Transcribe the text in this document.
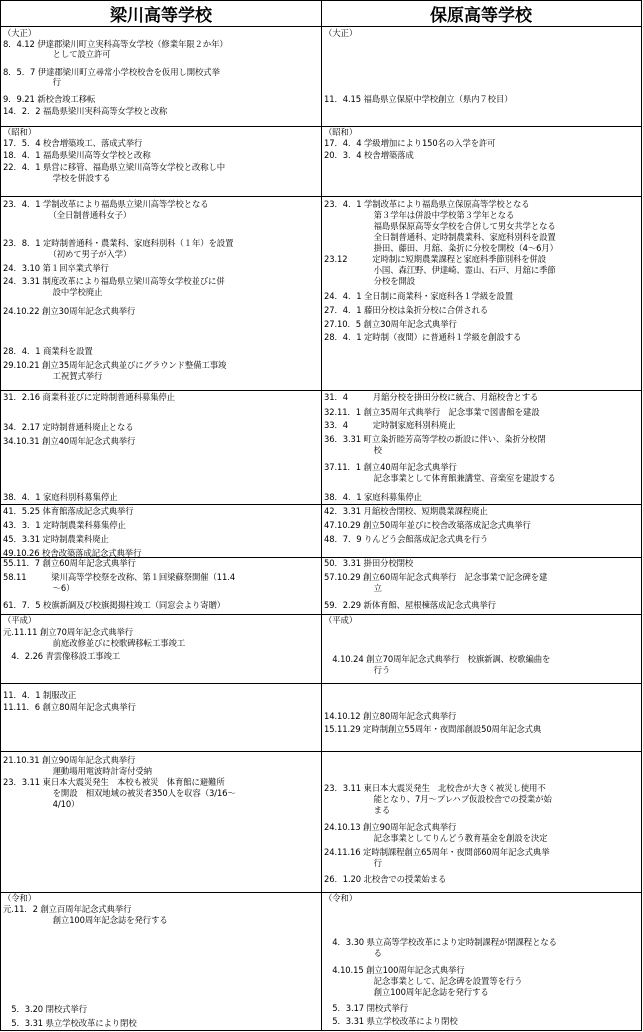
梁川高等学校	保原高等学校
（大正）
8．4.12 伊達郡梁川町立実科高等女学校（修業年限２か年）
　　　　　　として設立許可
8．5．7 伊達郡梁川町立尋常小学校校舎を仮用し開校式挙
　　　　　　行
9．9.21 新校舎竣工移転
14．2．2 福島県梁川実科高等女学校と改称
（大正）
11．4.15 福島県立保原中学校創立（県内７校目）
（昭和）
17．5．4 校舎増築竣工、落成式挙行
18．4．1 福島県梁川高等女学校と改称
22．4．1 県営に移管、福島県立梁川高等女学校と改称し中
　　　　　　学校を併設する
（昭和）
17．4．4 学級増加により150名の入学を許可
20．3．4 校舎増築落成
23．4．1 学制改革により福島県立梁川高等学校となる
　　　　　　（全日制普通科女子）
23．8．1 定時制普通科・農業科、家庭科別科（１年）を設置
　　　　　　（初めて男子が入学）
24．3.10 第１回卒業式挙行
24．3.31 制度改革により福島県立梁川高等女学校並びに併
　　　　　　設中学校廃止
24.10.22 創立30周年記念式典挙行
28．4．1 商業科を設置
29.10.21 創立35周年記念式典並びにグラウンド整備工事竣
　　　　　　工祝賀式挙行
23．4．1 学制改革により福島県立保原高等学校となる
　　　　　　第３学年は併設中学校第３学年となる
　　　　　　福島県保原高等女学校を合併して男女共学となる
　　　　　　全日制普通科、定時制農業科、家庭科別科を設置
　　　　　　掛田、藤田、月舘、粂折に分校を開校（4～6月）
23.12　　　定時制に短期農業課程と家庭科季節別科を併設
　　　　　　小国、森江野、伊達崎、霊山、石戸、月舘に季節
　　　　　　分校を開設
24．4．1 全日制に商業科・家庭科各１学級を設置
27．4．1 藤田分校は粂折分校に合併される
27.10．5 創立30周年記念式典挙行
28．4．1 定時制（夜間）に普通科１学級を創設する
31．2.16 商業科並びに定時制普通科募集停止
34．2.17 定時制普通科廃止となる
34.10.31 創立40周年記念式典挙行
38．4．1 家庭科別科募集停止
31．4　　　月舘分校を掛田分校に統合、月舘校舎とする
32.11．1 創立35周年式典挙行　記念事業で図書館を建設
33．4　　　定時制家庭科別科廃止
36．3.31 町立粂折睦芳高等学校の新設に伴い、粂折分校閉
　　　　　　校
37.11．1 創立40周年記念式典挙行
　　　　　　記念事業として体育館兼講堂、音楽室を建設する
38．4．1 家庭科募集停止
41．5.25 体育館落成記念式典挙行
43．3．1 定時制農業科募集停止
45．3.31 定時制農業科廃止
49.10.26 校舎改築落成記念式典挙行
42．3.31 月舘校舎閉校、短期農業課程廃止
47.10.29 創立50周年並びに校舎改築落成記念式典挙行
48．7．9 りんどう会館落成記念式典を行う
55.11．7 創立60周年記念式典挙行
58.11　　　梁川高等学校祭を改称、第１回梁蘇祭開催（11.4
　　　　　　～6）
61．7．5 校旗新調及び校旗掲揚柱竣工（同窓会より寄贈）
50．3.31 掛田分校閉校
57.10.29 創立60周年記念式典挙行　記念事業で記念碑を建
　　　　　　立
59．2.29 新体育館、屋根棟落成記念式典挙行
（平成）
元.11.11 創立70周年記念式典挙行
　　　　　　前庭改修並びに校歌碑移転工事竣工
　4．2.26 青雲像移設工事竣工
（平成）
　4.10.24 創立70周年記念式典挙行　校旗新調、校歌編曲を
　　　　　　行う
11．4．1 制服改正
11.11．6 創立80周年記念式典挙行
14.10.12 創立80周年記念式典挙行
15.11.29 定時制創立55周年・夜間部創設50周年記念式典
21.10.31 創立90周年記念式典挙行
　　　　　　運動場用電波時計寄付受納
23．3.11 東日本大震災発生　本校も被災　体育館に避難所
　　　　　　を開設　相双地域の被災者350人を収容（3/16～
　　　　　　4/10）
23．3.11 東日本大震災発生　北校舎が大きく被災し使用不
　　　　　　能となり、7月～プレハブ仮設校舎での授業が始
　　　　　　まる
24.10.13 創立90周年記念式典挙行
　　　　　　記念事業としてりんどう教育基金を創設を決定
24.11.16 定時制課程創立65周年・夜間部60周年記念式典挙
　　　　　　行
26．1.20 北校舎での授業始まる
（令和）
元.11．2 創立百周年記念式典挙行
　　　　　　創立100周年記念誌を発行する
　5．3.20 閉校式挙行
　5．3.31 県立学校改革により閉校
（令和）
　4．3.30 県立高等学校改革により定時制課程が閉課程となる
　　　　　　る
　4.10.15 創立100周年記念式典挙行
　　　　　　記念事業として、記念碑を設置等を行う
　　　　　　創立100周年記念誌を発行する
　5．3.17 閉校式挙行
　5．3.31 県立学校改革により閉校
